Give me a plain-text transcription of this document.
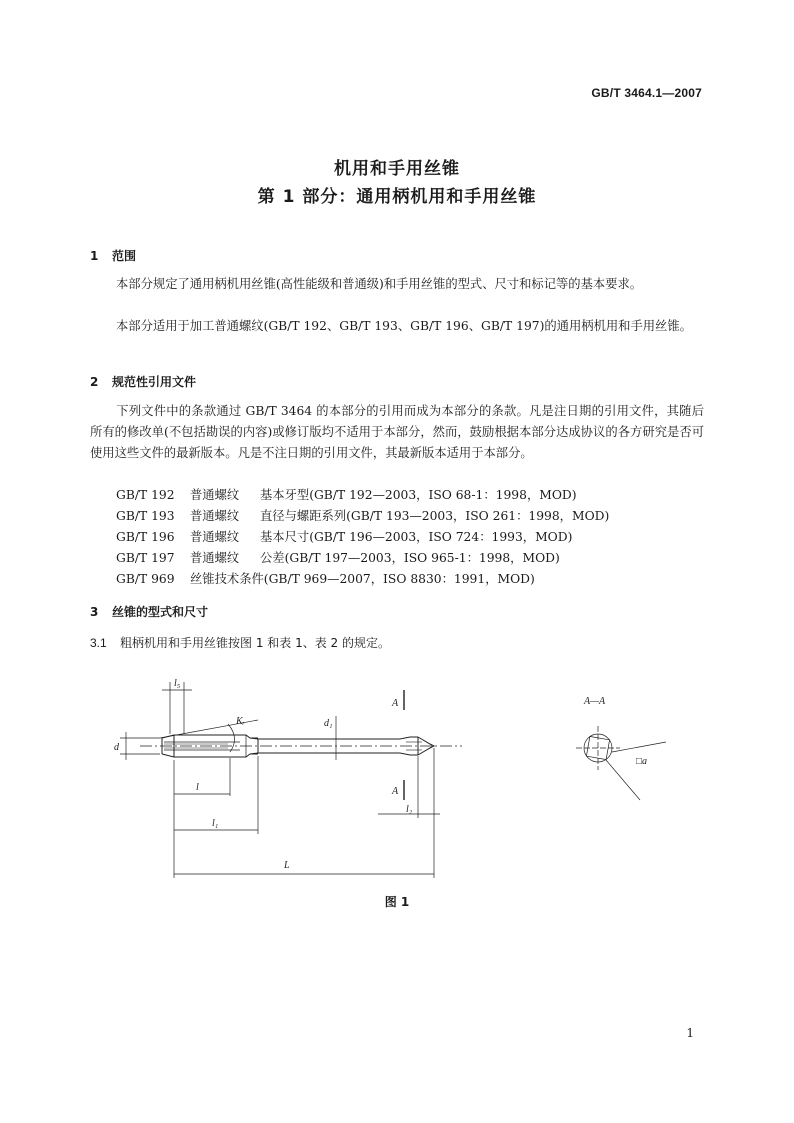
GB/T 3464.1—2007
机用和手用丝锥
第 1 部分：通用柄机用和手用丝锥
1 范围
本部分规定了通用柄机用丝锥(高性能级和普通级)和手用丝锥的型式、尺寸和标记等的基本要求。
本部分适用于加工普通螺纹(GB/T 192、GB/T 193、GB/T 196、GB/T 197)的通用柄机用和手用丝锥。
2 规范性引用文件
下列文件中的条款通过 GB/T 3464 的本部分的引用而成为本部分的条款。凡是注日期的引用文件，其随后所有的修改单(不包括勘误的内容)或修订版均不适用于本部分，然而，鼓励根据本部分达成协议的各方研究是否可使用这些文件的最新版本。凡是不注日期的引用文件，其最新版本适用于本部分。
GB/T 192 普通螺纹 基本牙型(GB/T 192—2003，ISO 68-1：1998，MOD)
GB/T 193 普通螺纹 直径与螺距系列(GB/T 193—2003，ISO 261：1998，MOD)
GB/T 196 普通螺纹 基本尺寸(GB/T 196—2003，ISO 724：1993，MOD)
GB/T 197 普通螺纹 公差(GB/T 197—2003，ISO 965-1：1998，MOD)
GB/T 969 丝锥技术条件(GB/T 969—2007，ISO 8830：1991，MOD)
3 丝锥的型式和尺寸
3.1 粗柄机用和手用丝锥按图 1 和表 1、表 2 的规定。
l₅
Kᵣ
d
d₁
l
l₁
L
l₂
A
A
A—A
□a
图 1
1
